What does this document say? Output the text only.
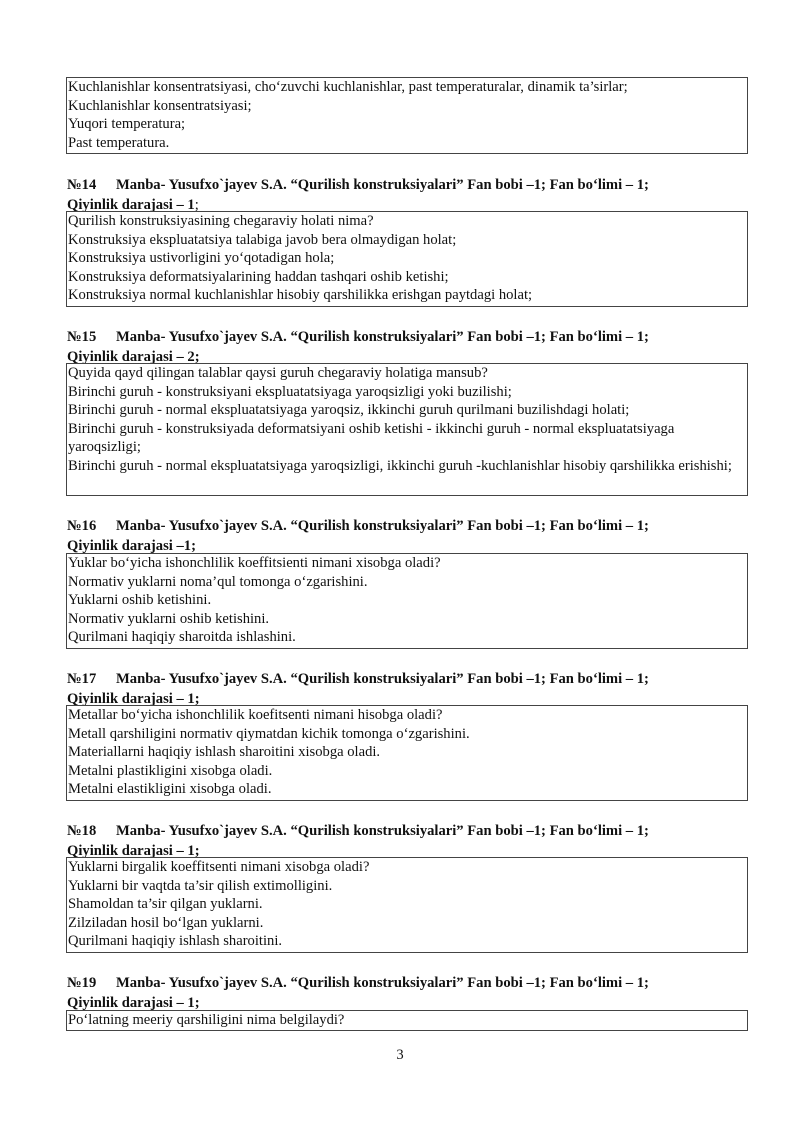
Kuchlanishlar konsentratsiyasi, cho‘zuvchi kuchlanishlar, past temperaturalar, dinamik ta’sirlar;
Kuchlanishlar konsentratsiyasi;
Yuqori temperatura;
Past temperatura.
№14 Manba- Yusufxo`jayev S.A. “Qurilish konstruksiyalari” Fan bobi –1; Fan bo‘limi – 1;
Qiyinlik darajasi – 1;
Qurilish konstruksiyasining chegaraviy holati nima?
Konstruksiya ekspluatatsiya talabiga javob bera olmaydigan holat;
Konstruksiya ustivorligini yo‘qotadigan hola;
Konstruksiya deformatsiyalarining haddan tashqari oshib ketishi;
Konstruksiya normal kuchlanishlar hisobiy qarshilikka erishgan paytdagi holat;
№15 Manba- Yusufxo`jayev S.A. “Qurilish konstruksiyalari” Fan bobi –1; Fan bo‘limi – 1;
Qiyinlik darajasi – 2;
Quyida qayd qilingan talablar qaysi guruh chegaraviy holatiga mansub?
Birinchi guruh - konstruksiyani ekspluatatsiyaga yaroqsizligi yoki buzilishi;
Birinchi guruh - normal ekspluatatsiyaga yaroqsiz, ikkinchi guruh qurilmani buzilishdagi holati;
Birinchi guruh - konstruksiyada deformatsiyani oshib ketishi - ikkinchi guruh - normal ekspluatatsiyaga yaroqsizligi;
Birinchi guruh - normal ekspluatatsiyaga yaroqsizligi, ikkinchi guruh -kuchlanishlar hisobiy qarshilikka erishishi;
№16 Manba- Yusufxo`jayev S.A. “Qurilish konstruksiyalari” Fan bobi –1; Fan bo‘limi – 1;
Qiyinlik darajasi –1;
Yuklar bo‘yicha ishonchlilik koeffitsienti nimani xisobga oladi?
Normativ yuklarni noma’qul tomonga o‘zgarishini.
Yuklarni oshib ketishini.
Normativ yuklarni oshib ketishini.
Qurilmani haqiqiy sharoitda ishlashini.
№17 Manba- Yusufxo`jayev S.A. “Qurilish konstruksiyalari” Fan bobi –1; Fan bo‘limi – 1;
Qiyinlik darajasi – 1;
Metallar bo‘yicha ishonchlilik koefitsenti nimani hisobga oladi?
Metall qarshiligini normativ qiymatdan kichik tomonga o‘zgarishini.
Materiallarni haqiqiy ishlash sharoitini xisobga oladi.
Metalni plastikligini xisobga oladi.
Metalni elastikligini xisobga oladi.
№18 Manba- Yusufxo`jayev S.A. “Qurilish konstruksiyalari” Fan bobi –1; Fan bo‘limi – 1;
Qiyinlik darajasi – 1;
Yuklarni birgalik koeffitsenti nimani xisobga oladi?
Yuklarni bir vaqtda ta’sir qilish extimolligini.
Shamoldan ta’sir qilgan yuklarni.
Zilziladan hosil bo‘lgan yuklarni.
Qurilmani haqiqiy ishlash sharoitini.
№19 Manba- Yusufxo`jayev S.A. “Qurilish konstruksiyalari” Fan bobi –1; Fan bo‘limi – 1;
Qiyinlik darajasi – 1;
Po‘latning meeriy qarshiligini nima belgilaydi?
3
